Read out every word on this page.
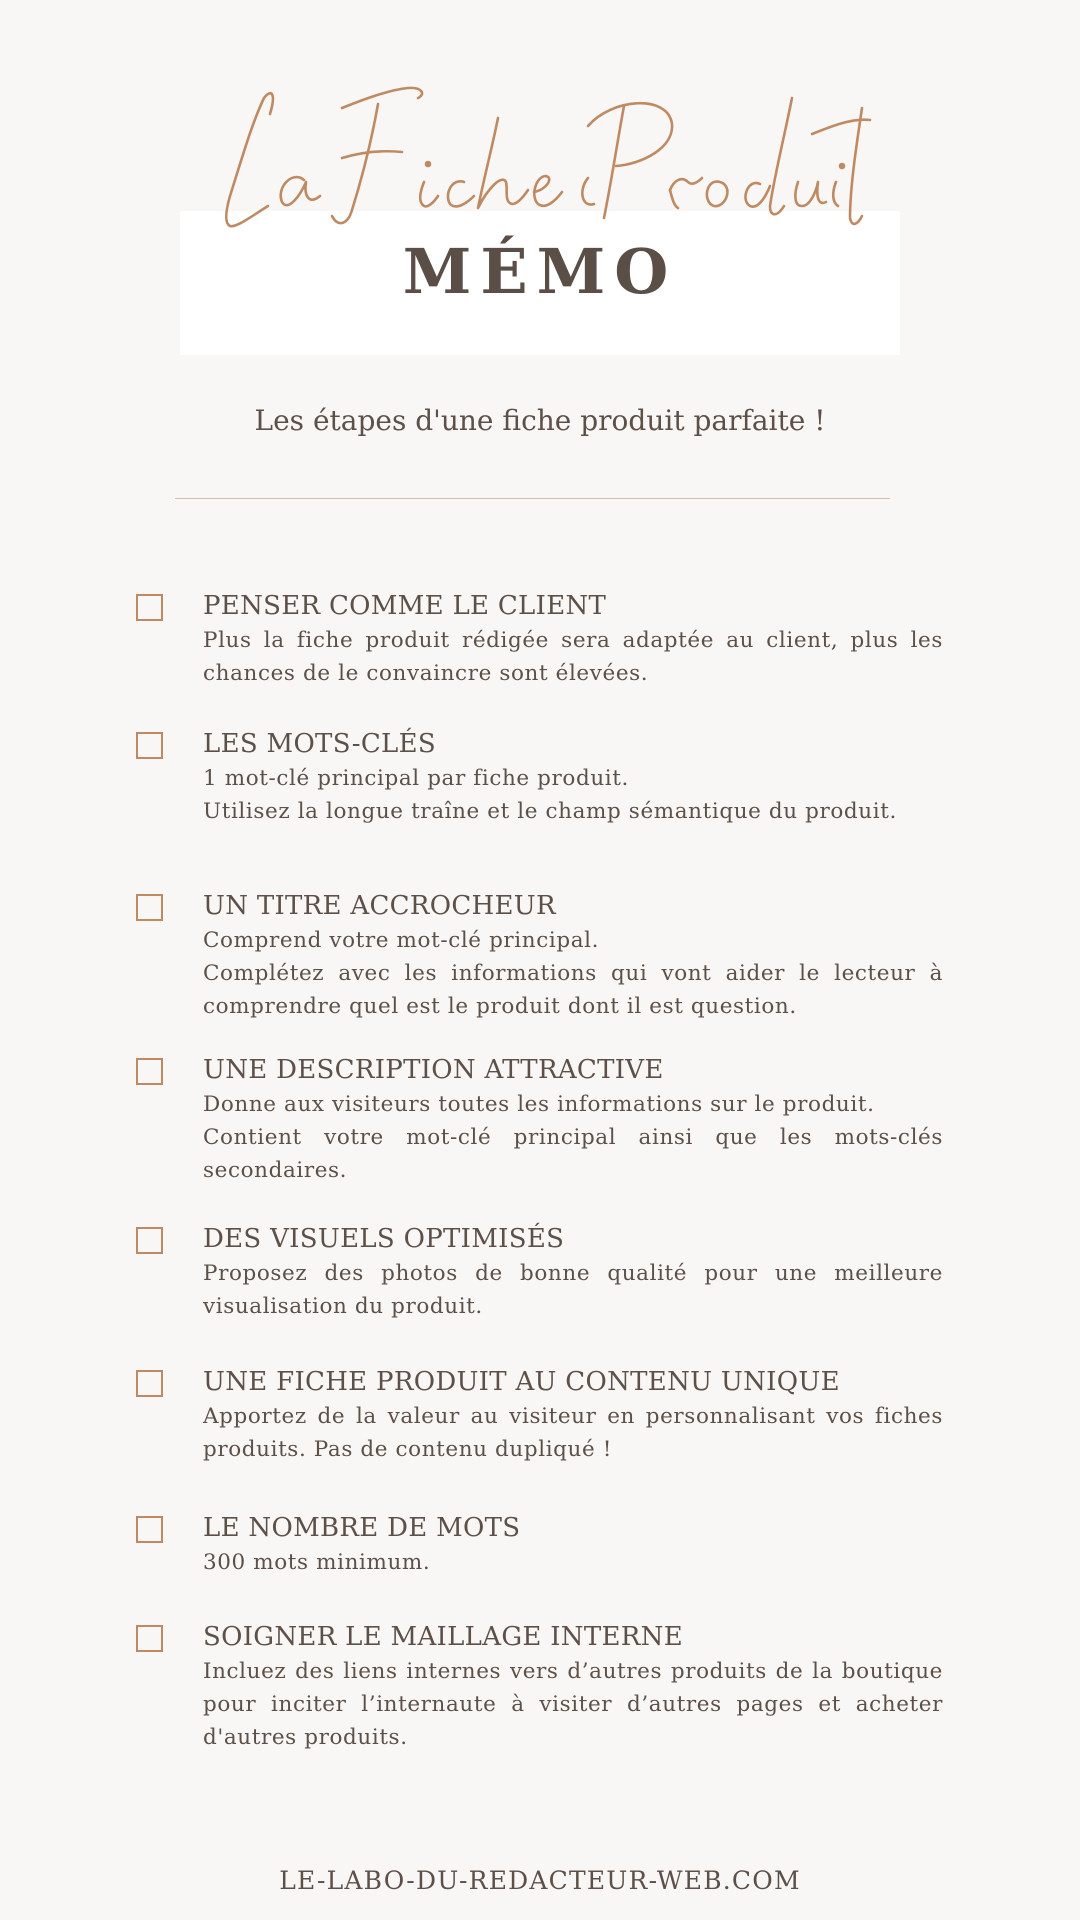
MÉMO
Les étapes d'une fiche produit parfaite !
PENSER COMME LE CLIENT

Plus la fiche produit rédigée sera adaptée au client, plus les chances de le convaincre sont élevées.

LES MOTS-CLÉS

1 mot-clé principal par fiche produit.

Utilisez la longue traîne et le champ sémantique du produit.

UN TITRE ACCROCHEUR

Comprend votre mot-clé principal.

Complétez avec les informations qui vont aider le lecteur à comprendre quel est le produit dont il est question.

UNE DESCRIPTION ATTRACTIVE

Donne aux visiteurs toutes les informations sur le produit.

Contient votre mot-clé principal ainsi que les mots-clés secondaires.

DES VISUELS OPTIMISÉS

Proposez des photos de bonne qualité pour une meilleure visualisation du produit.

UNE FICHE PRODUIT AU CONTENU UNIQUE

Apportez de la valeur au visiteur en personnalisant vos fiches produits. Pas de contenu dupliqué !

LE NOMBRE DE MOTS

300 mots minimum.

SOIGNER LE MAILLAGE INTERNE

Incluez des liens internes vers d’autres produits de la boutique pour inciter l’internaute à visiter d’autres pages et acheter d'autres produits.

LE-LABO-DU-REDACTEUR-WEB.COM
